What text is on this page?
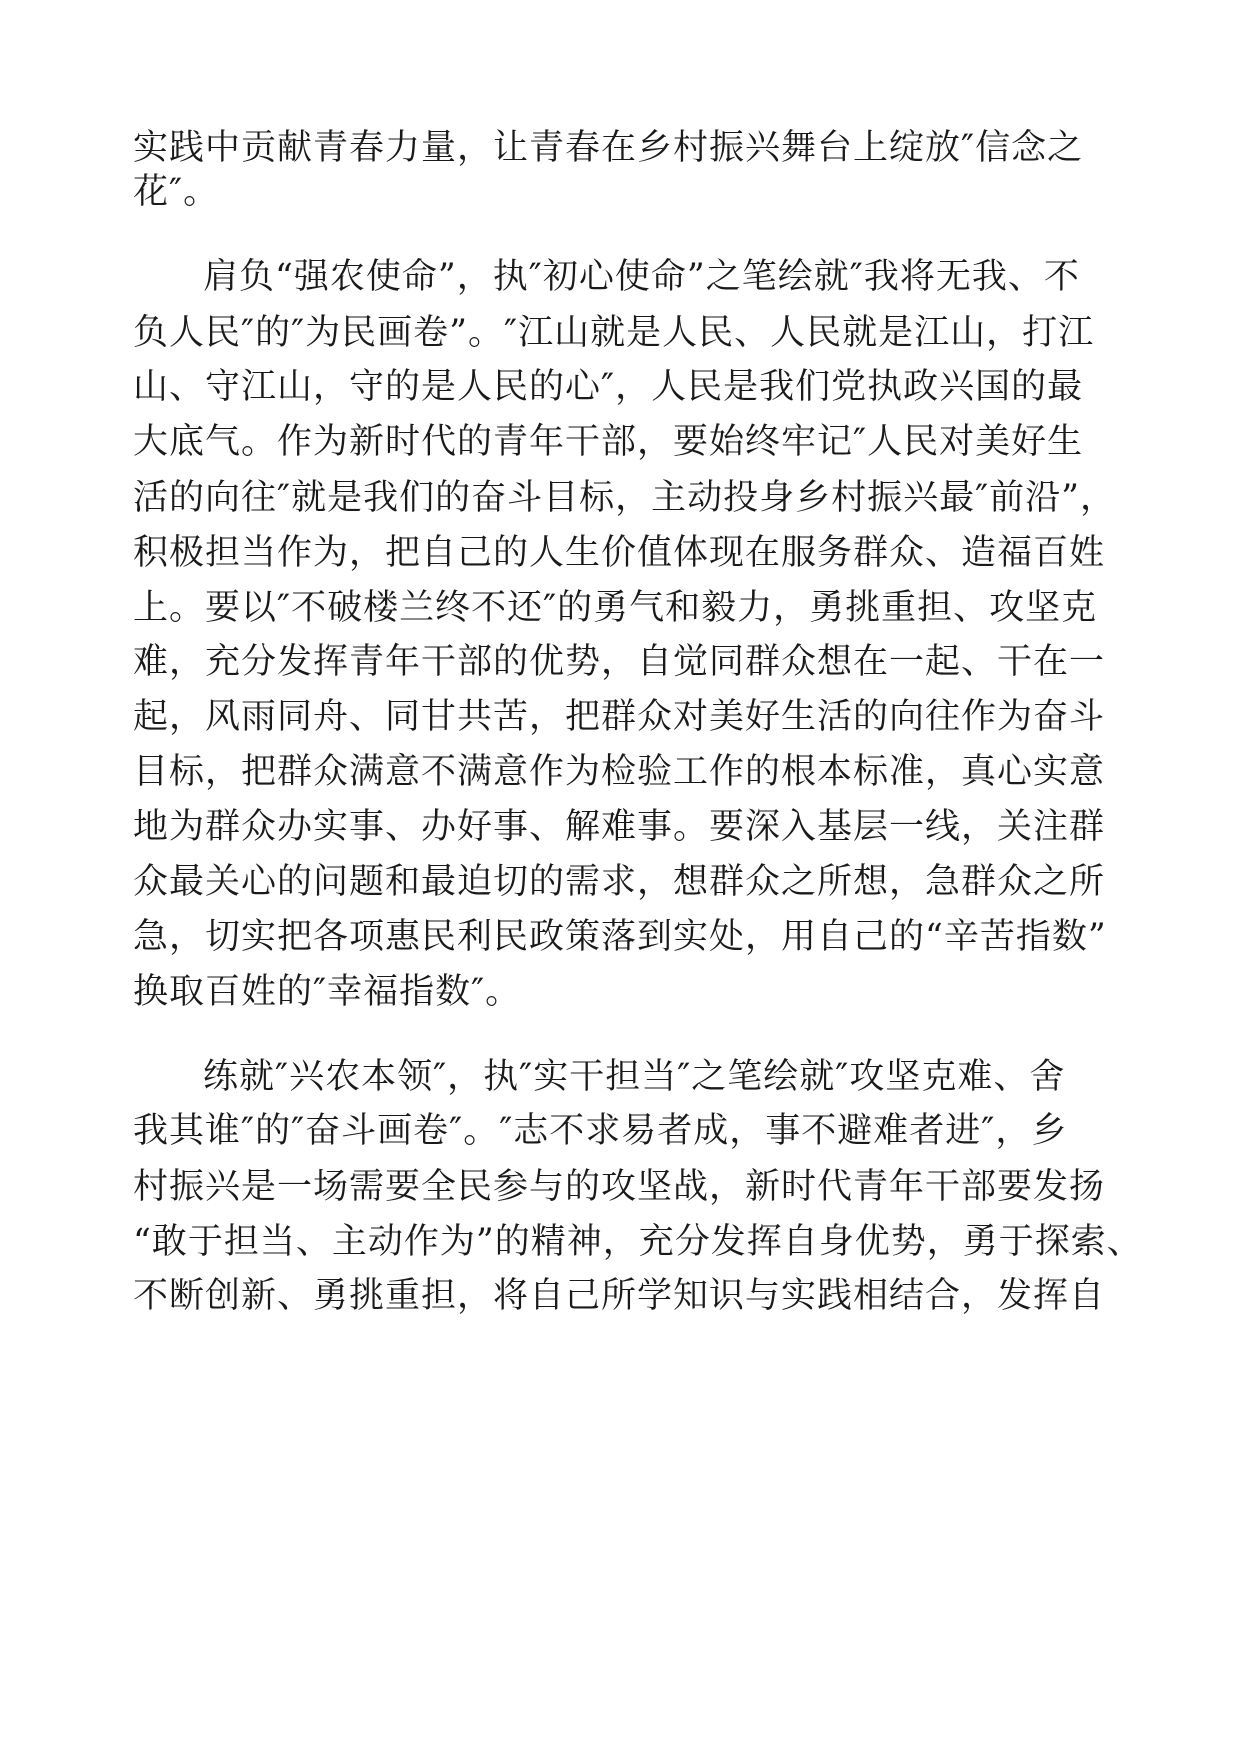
实践中贡献青春力量，让青春在乡村振兴舞台上绽放″信念之
花″。
肩负“强农使命”，执″初心使命”之笔绘就″我将无我、不
负人民″的″为民画卷”。″江山就是人民、人民就是江山，打江
山、守江山，守的是人民的心″，人民是我们党执政兴国的最
大底气。作为新时代的青年干部，要始终牢记″人民对美好生
活的向往″就是我们的奋斗目标，主动投身乡村振兴最″前沿”，
积极担当作为，把自己的人生价值体现在服务群众、造福百姓
上。要以″不破楼兰终不还″的勇气和毅力，勇挑重担、攻坚克
难，充分发挥青年干部的优势，自觉同群众想在一起、干在一
起，风雨同舟、同甘共苦，把群众对美好生活的向往作为奋斗
目标，把群众满意不满意作为检验工作的根本标准，真心实意
地为群众办实事、办好事、解难事。要深入基层一线，关注群
众最关心的问题和最迫切的需求，想群众之所想，急群众之所
急，切实把各项惠民利民政策落到实处，用自己的“辛苦指数”
换取百姓的″幸福指数″。
练就″兴农本领″，执″实干担当″之笔绘就″攻坚克难、舍
我其谁″的″奋斗画卷″。″志不求易者成，事不避难者进″，乡
村振兴是一场需要全民参与的攻坚战，新时代青年干部要发扬
“敢于担当、主动作为”的精神，充分发挥自身优势，勇于探索、
不断创新、勇挑重担，将自己所学知识与实践相结合，发挥自
